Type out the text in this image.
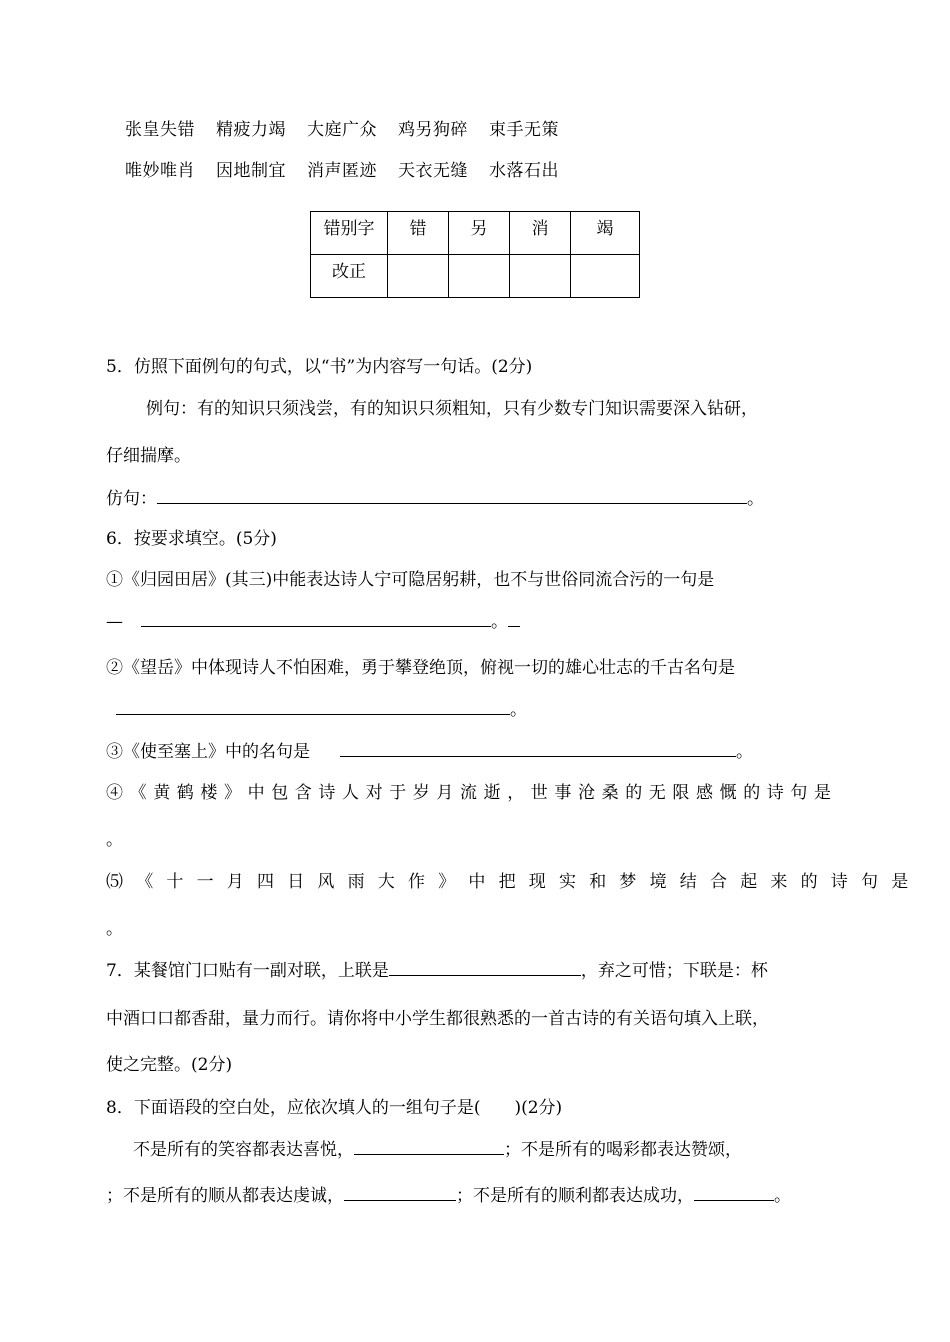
张皇失错 精疲力竭 大庭广众 鸡另狗碎 束手无策
唯妙唯肖 因地制宜 消声匿迹 天衣无缝 水落石出
错别字	错	另	消	竭
改正				
5．仿照下面例句的句式，以“书”为内容写一句话。(2分)
例句：有的知识只须浅尝，有的知识只须粗知，只有少数专门知识需要深入钻研，
仔细揣摩。
仿句：	。
6．按要求填空。(5分)
①《归园田居》(其三)中能表达诗人宁可隐居躬耕，也不与世俗同流合污的一句是
—	。
②《望岳》中体现诗人不怕困难，勇于攀登绝顶，俯视一切的雄心壮志的千古名句是
。
③《使至塞上》中的名句是	。
④《黄鹤楼》中包含诗人对于岁月流逝，世事沧桑的无限感慨的诗句是
。
⑸《十一月四日风雨大作》中把现实和梦境结合起来的诗句是
。
7．某餐馆门口贴有一副对联，上联是	，弃之可惜；下联是：杯
中酒口口都香甜，量力而行。请你将中小学生都很熟悉的一首古诗的有关语句填入上联，
使之完整。(2分)
8．下面语段的空白处，应依次填人的一组句子是(　　)(2分)
不是所有的笑容都表达喜悦，	；不是所有的喝彩都表达赞颂，
；不是所有的顺从都表达虔诚，	；不是所有的顺利都表达成功，	。
